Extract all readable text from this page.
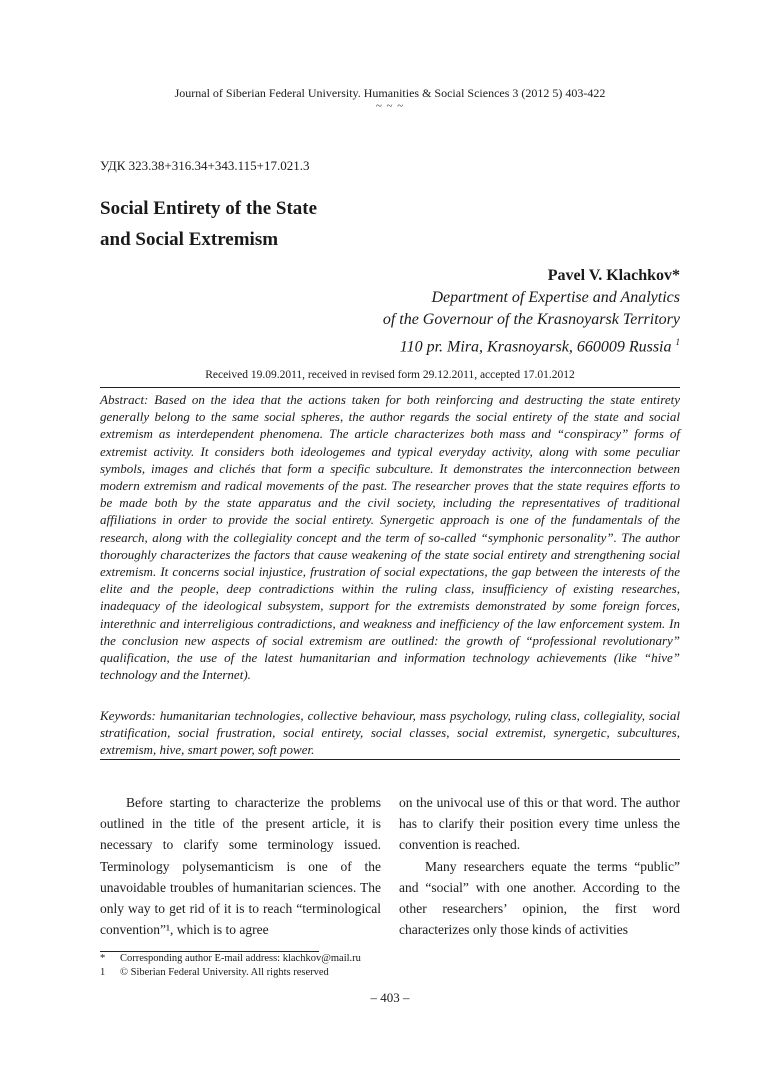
Journal of Siberian Federal University. Humanities & Social Sciences 3 (2012 5) 403-422
~ ~ ~
УДК 323.38+316.34+343.115+17.021.3
Social Entirety of the State
and Social Extremism
Pavel V. Klachkov*
Department of Expertise and Analytics
of the Governour of the Krasnoyarsk Territory
110 pr. Mira, Krasnoyarsk, 660009 Russia $^1$
Received 19.09.2011, received in revised form 29.12.2011, accepted 17.01.2012
Abstract: Based on the idea that the actions taken for both reinforcing and destructing the state entirety generally belong to the same social spheres, the author regards the social entirety of the state and social extremism as interdependent phenomena. The article characterizes both mass and “conspiracy” forms of extremist activity. It considers both ideologemes and typical everyday activity, along with some peculiar symbols, images and clichés that form a specific subculture. It demonstrates the interconnection between modern extremism and radical movements of the past. The researcher proves that the state requires efforts to be made both by the state apparatus and the civil society, including the representatives of traditional affiliations in order to provide the social entirety. Synergetic approach is one of the fundamentals of the research, along with the collegiality concept and the term of so-called “symphonic personality”. The author thoroughly characterizes the factors that cause weakening of the state social entirety and strengthening social extremism. It concerns social injustice, frustration of social expectations, the gap between the interests of the elite and the people, deep contradictions within the ruling class, insufficiency of existing researches, inadequacy of the ideological subsystem, support for the extremists demonstrated by some foreign forces, interethnic and interreligious contradictions, and weakness and inefficiency of the law enforcement system. In the conclusion new aspects of social extremism are outlined: the growth of “professional revolutionary” qualification, the use of the latest humanitarian and information technology achievements (like “hive” technology and the Internet).
Keywords: humanitarian technologies, collective behaviour, mass psychology, ruling class, collegiality, social stratification, social frustration, social entirety, social classes, social extremist, synergetic, subcultures, extremism, hive, smart power, soft power.

Before starting to characterize the problems outlined in the title of the present article, it is necessary to clarify some terminology issued. Terminology polysemanticism is one of the unavoidable troubles of humanitarian sciences. The only way to get rid of it is to reach “terminological convention”¹, which is to agree

on the univocal use of this or that word. The author has to clarify their position every time unless the convention is reached.

Many researchers equate the terms “public” and “social” with one another. According to the other researchers’ opinion, the first word characterizes only those kinds of activities

* Corresponding author E-mail address: klachkov@mail.ru
1 © Siberian Federal University. All rights reserved
– 403 –
